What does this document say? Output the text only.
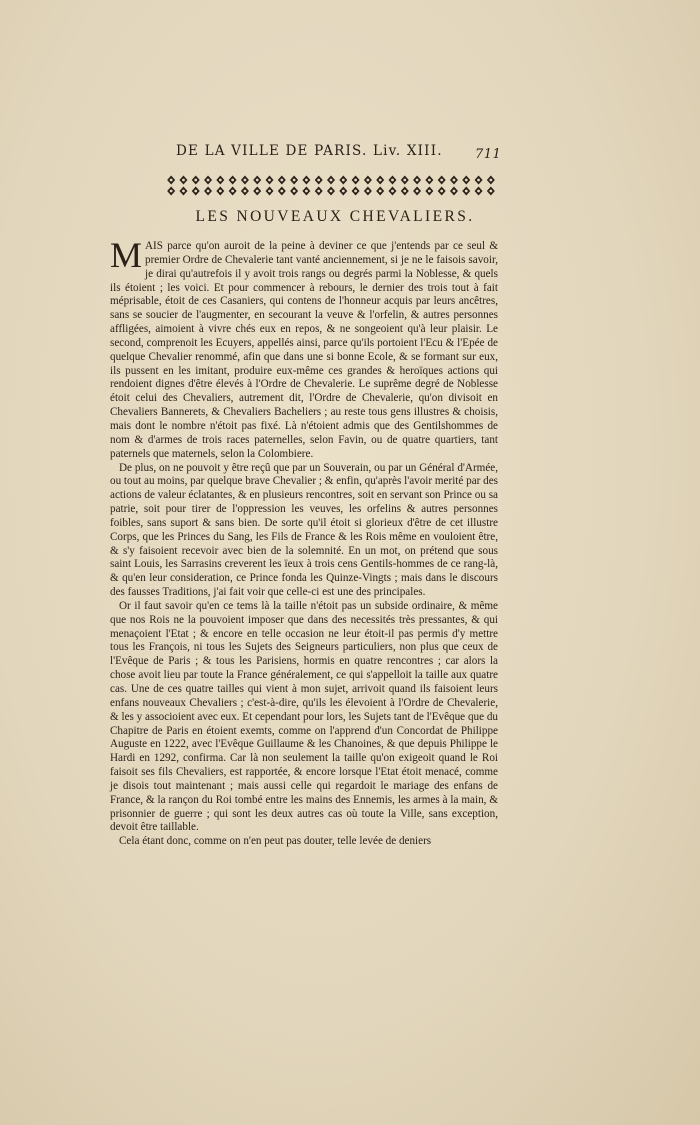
DE LA VILLE DE PARIS. Liv. XIII.	711
LES NOUVEAUX CHEVALIERS.

MAIS parce qu'on auroit de la peine à deviner ce que j'entends par ce seul & premier Ordre de Chevalerie tant vanté anciennement, si je ne le faisois savoir, je dirai qu'autrefois il y avoit trois rangs ou degrés parmi la Noblesse, & quels ils étoient ; les voici. Et pour commencer à rebours, le dernier des trois tout à fait méprisable, étoit de ces Casaniers, qui contens de l'honneur acquis par leurs ancêtres, sans se soucier de l'augmenter, en secourant la veuve & l'orfelin, & autres personnes affligées, aimoient à vivre chés eux en repos, & ne songeoient qu'à leur plaisir. Le second, comprenoit les Ecuyers, appellés ainsi, parce qu'ils portoient l'Ecu & l'Epée de quelque Chevalier renommé, afin que dans une si bonne Ecole, & se formant sur eux, ils pussent en les imitant, produire eux-même ces grandes & heroïques actions qui rendoient dignes d'être élevés à l'Ordre de Chevalerie. Le suprême degré de Noblesse étoit celui des Chevaliers, autrement dit, l'Ordre de Chevalerie, qu'on divisoit en Chevaliers Bannerets, & Chevaliers Bacheliers ; au reste tous gens illustres & choisis, mais dont le nombre n'étoit pas fixé. Là n'étoient admis que des Gentilshommes de nom & d'armes de trois races paternelles, selon Favin, ou de quatre quartiers, tant paternels que maternels, selon la Colombiere.

De plus, on ne pouvoit y être reçû que par un Souverain, ou par un Général d'Armée, ou tout au moins, par quelque brave Chevalier ; & enfin, qu'après l'avoir merité par des actions de valeur éclatantes, & en plusieurs rencontres, soit en servant son Prince ou sa patrie, soit pour tirer de l'oppression les veuves, les orfelins & autres personnes foibles, sans suport & sans bien. De sorte qu'il étoit si glorieux d'être de cet illustre Corps, que les Princes du Sang, les Fils de France & les Rois même en vouloient être, & s'y faisoient recevoir avec bien de la solemnité. En un mot, on prétend que sous saint Louis, les Sarrasins creverent les ïeux à trois cens Gentils-hommes de ce rang-là, & qu'en leur consideration, ce Prince fonda les Quinze-Vingts ; mais dans le discours des fausses Traditions, j'ai fait voir que celle-ci est une des principales.

Or il faut savoir qu'en ce tems là la taille n'étoit pas un subside ordinaire, & même que nos Rois ne la pouvoient imposer que dans des necessités très pressantes, & qui menaçoient l'Etat ; & encore en telle occasion ne leur étoit-il pas permis d'y mettre tous les François, ni tous les Sujets des Seigneurs particuliers, non plus que ceux de l'Evêque de Paris ; & tous les Parisiens, hormis en quatre rencontres ; car alors la chose avoit lieu par toute la France généralement, ce qui s'appelloit la taille aux quatre cas. Une de ces quatre tailles qui vient à mon sujet, arrivoit quand ils faisoient leurs enfans nouveaux Chevaliers ; c'est-à-dire, qu'ils les élevoient à l'Ordre de Chevalerie, & les y associoient avec eux. Et cependant pour lors, les Sujets tant de l'Evêque que du Chapitre de Paris en étoient exemts, comme on l'apprend d'un Concordat de Philippe Auguste en 1222, avec l'Evêque Guillaume & les Chanoines, & que depuis Philippe le Hardi en 1292, confirma. Car là non seulement la taille qu'on exigeoit quand le Roi faisoit ses fils Chevaliers, est rapportée, & encore lorsque l'Etat étoit menacé, comme je disois tout maintenant ; mais aussi celle qui regardoit le mariage des enfans de France, & la rançon du Roi tombé entre les mains des Ennemis, les armes à la main, & prisonnier de guerre ; qui sont les deux autres cas où toute la Ville, sans exception, devoit être taillable.

Cela étant donc, comme on n'en peut pas douter, telle levée de deniers
